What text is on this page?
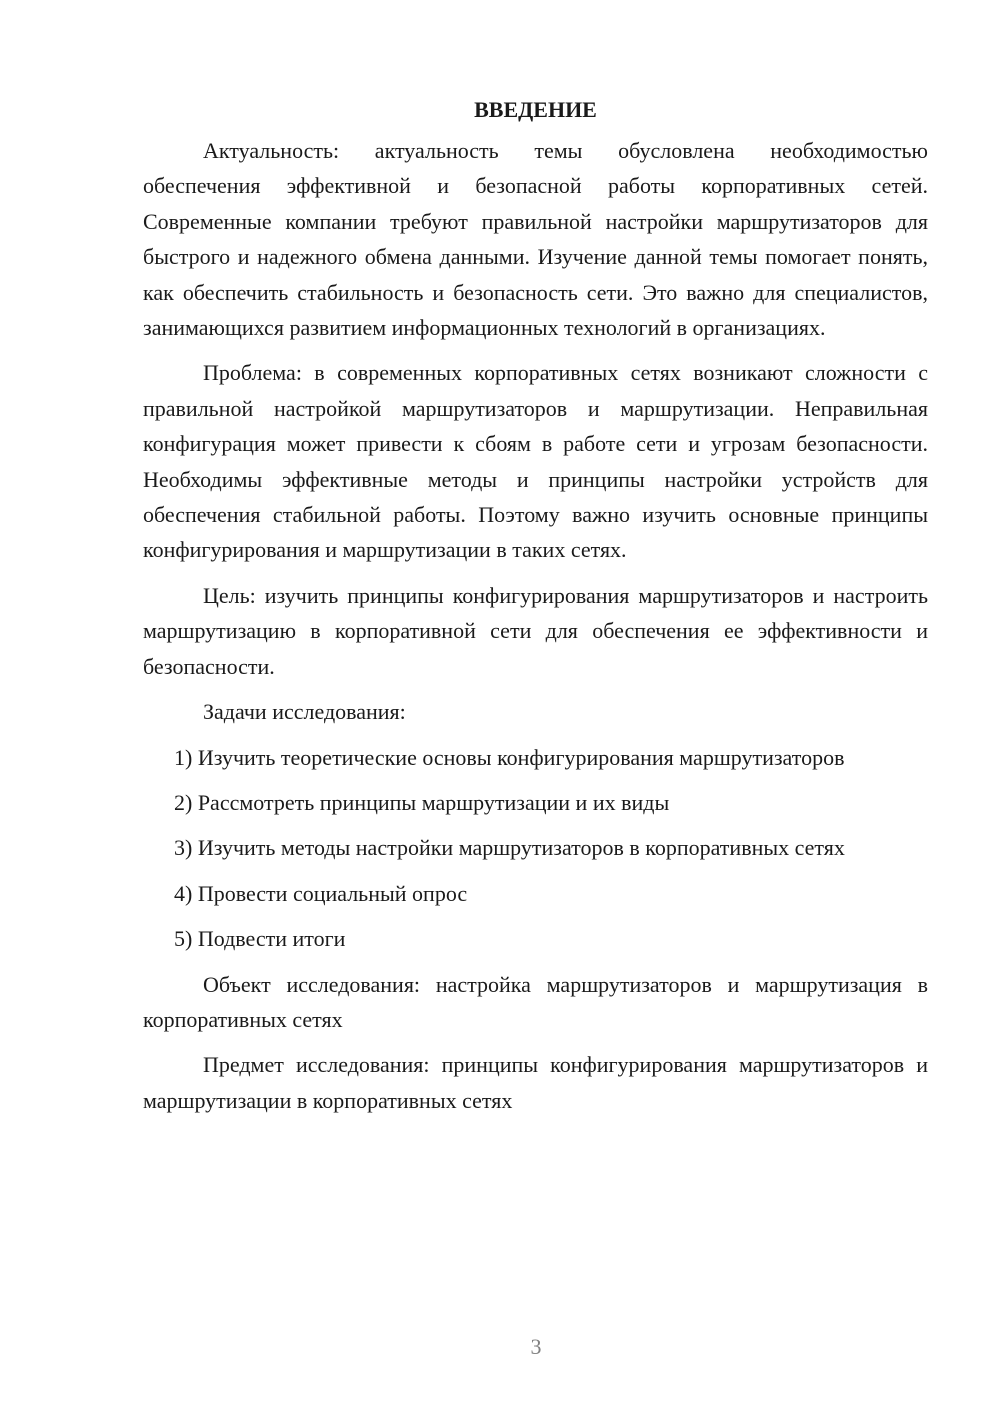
ВВЕДЕНИЕ

Актуальность: актуальность темы обусловлена необходимостью обеспечения эффективной и безопасной работы корпоративных сетей. Современные компании требуют правильной настройки маршрутизаторов для быстрого и надежного обмена данными. Изучение данной темы помогает понять, как обеспечить стабильность и безопасность сети. Это важно для специалистов, занимающихся развитием информационных технологий в организациях.

Проблема: в современных корпоративных сетях возникают сложности с правильной настройкой маршрутизаторов и маршрутизации. Неправильная конфигурация может привести к сбоям в работе сети и угрозам безопасности. Необходимы эффективные методы и принципы настройки устройств для обеспечения стабильной работы. Поэтому важно изучить основные принципы конфигурирования и маршрутизации в таких сетях.

Цель: изучить принципы конфигурирования маршрутизаторов и настроить маршрутизацию в корпоративной сети для обеспечения ее эффективности и безопасности.

Задачи исследования:

1) Изучить теоретические основы конфигурирования маршрутизаторов

2) Рассмотреть принципы маршрутизации и их виды

3) Изучить методы настройки маршрутизаторов в корпоративных сетях

4) Провести социальный опрос

5) Подвести итоги

Объект исследования: настройка маршрутизаторов и маршрутизация в корпоративных сетях

Предмет исследования: принципы конфигурирования маршрутизаторов и маршрутизации в корпоративных сетях

3
